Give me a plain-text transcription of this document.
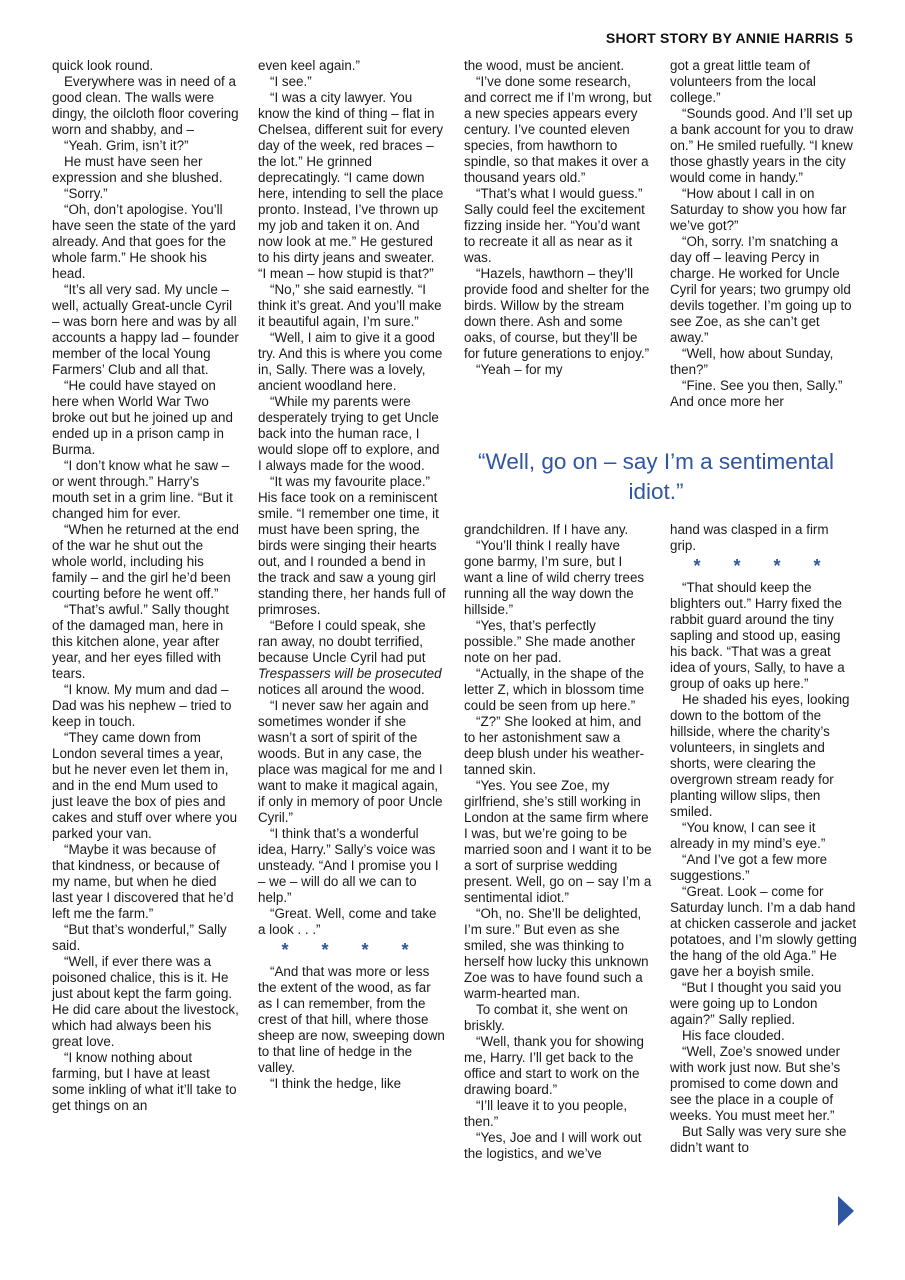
SHORT STORY BY ANNIE HARRIS 5

quick look round.

Everywhere was in need of a good clean. The walls were dingy, the oilcloth floor covering worn and shabby, and –

“Yeah. Grim, isn’t it?”

He must have seen her expression and she blushed.

“Sorry.”

“Oh, don’t apologise. You’ll have seen the state of the yard already. And that goes for the whole farm.” He shook his head.

“It’s all very sad. My uncle – well, actually Great-uncle Cyril – was born here and was by all accounts a happy lad – founder member of the local Young Farmers’ Club and all that.

“He could have stayed on here when World War Two broke out but he joined up and ended up in a prison camp in Burma.

“I don’t know what he saw – or went through.” Harry’s mouth set in a grim line. “But it changed him for ever.

“When he returned at the end of the war he shut out the whole world, including his family – and the girl he’d been courting before he went off.”

“That’s awful.” Sally thought of the damaged man, here in this kitchen alone, year after year, and her eyes filled with tears.

“I know. My mum and dad – Dad was his nephew – tried to keep in touch.

“They came down from London several times a year, but he never even let them in, and in the end Mum used to just leave the box of pies and cakes and stuff over where you parked your van.

“Maybe it was because of that kindness, or because of my name, but when he died last year I discovered that he’d left me the farm.”

“But that’s wonderful,” Sally said.

“Well, if ever there was a poisoned chalice, this is it. He just about kept the farm going. He did care about the livestock, which had always been his great love.

“I know nothing about farming, but I have at least some inkling of what it’ll take to get things on an

even keel again.”

“I see.”

“I was a city lawyer. You know the kind of thing – flat in Chelsea, different suit for every day of the week, red braces – the lot.” He grinned deprecatingly. “I came down here, intending to sell the place pronto. Instead, I’ve thrown up my job and taken it on. And now look at me.” He gestured to his dirty jeans and sweater. “I mean – how stupid is that?”

“No,” she said earnestly. “I think it’s great. And you’ll make it beautiful again, I’m sure.”

“Well, I aim to give it a good try. And this is where you come in, Sally. There was a lovely, ancient woodland here.

“While my parents were desperately trying to get Uncle back into the human race, I would slope off to explore, and I always made for the wood.

“It was my favourite place.” His face took on a reminiscent smile. “I remember one time, it must have been spring, the birds were singing their hearts out, and I rounded a bend in the track and saw a young girl standing there, her hands full of primroses.

“Before I could speak, she ran away, no doubt terrified, because Uncle Cyril had put Trespassers will be prosecuted notices all around the wood.

“I never saw her again and sometimes wonder if she wasn’t a sort of spirit of the woods. But in any case, the place was magical for me and I want to make it magical again, if only in memory of poor Uncle Cyril.”

“I think that’s a wonderful idea, Harry.” Sally’s voice was unsteady. “And I promise you I – we – will do all we can to help.”

“Great. Well, come and take a look . . .”

* * * *

“And that was more or less the extent of the wood, as far as I can remember, from the crest of that hill, where those sheep are now, sweeping down to that line of hedge in the valley.

“I think the hedge, like

the wood, must be ancient.

“I’ve done some research, and correct me if I’m wrong, but a new species appears every century. I’ve counted eleven species, from hawthorn to spindle, so that makes it over a thousand years old.”

“That’s what I would guess.” Sally could feel the excitement fizzing inside her. “You’d want to recreate it all as near as it was.

“Hazels, hawthorn – they’ll provide food and shelter for the birds. Willow by the stream down there. Ash and some oaks, of course, but they’ll be for future generations to enjoy.”

“Yeah – for my

got a great little team of volunteers from the local college.”

“Sounds good. And I’ll set up a bank account for you to draw on.” He smiled ruefully. “I knew those ghastly years in the city would come in handy.”

“How about I call in on Saturday to show you how far we’ve got?”

“Oh, sorry. I’m snatching a day off – leaving Percy in charge. He worked for Uncle Cyril for years; two grumpy old devils together. I’m going up to see Zoe, as she can’t get away.”

“Well, how about Sunday, then?”

“Fine. See you then, Sally.” And once more her

“Well, go on – say I’m a sentimental idiot.”

grandchildren. If I have any.

“You’ll think I really have gone barmy, I’m sure, but I want a line of wild cherry trees running all the way down the hillside.”

“Yes, that’s perfectly possible.” She made another note on her pad.

“Actually, in the shape of the letter Z, which in blossom time could be seen from up here.”

“Z?” She looked at him, and to her astonishment saw a deep blush under his weather-tanned skin.

“Yes. You see Zoe, my girlfriend, she’s still working in London at the same firm where I was, but we’re going to be married soon and I want it to be a sort of surprise wedding present. Well, go on – say I’m a sentimental idiot.”

“Oh, no. She’ll be delighted, I’m sure.” But even as she smiled, she was thinking to herself how lucky this unknown Zoe was to have found such a warm-hearted man.

To combat it, she went on briskly.

“Well, thank you for showing me, Harry. I’ll get back to the office and start to work on the drawing board.”

“I’ll leave it to you people, then.”

“Yes, Joe and I will work out the logistics, and we’ve

hand was clasped in a firm grip.

* * * *

“That should keep the blighters out.” Harry fixed the rabbit guard around the tiny sapling and stood up, easing his back. “That was a great idea of yours, Sally, to have a group of oaks up here.”

He shaded his eyes, looking down to the bottom of the hillside, where the charity’s volunteers, in singlets and shorts, were clearing the overgrown stream ready for planting willow slips, then smiled.

“You know, I can see it already in my mind’s eye.”

“And I’ve got a few more suggestions.”

“Great. Look – come for Saturday lunch. I’m a dab hand at chicken casserole and jacket potatoes, and I’m slowly getting the hang of the old Aga.” He gave her a boyish smile.

“But I thought you said you were going up to London again?” Sally replied.

His face clouded.

“Well, Zoe’s snowed under with work just now. But she’s promised to come down and see the place in a couple of weeks. You must meet her.”

But Sally was very sure she didn’t want to
